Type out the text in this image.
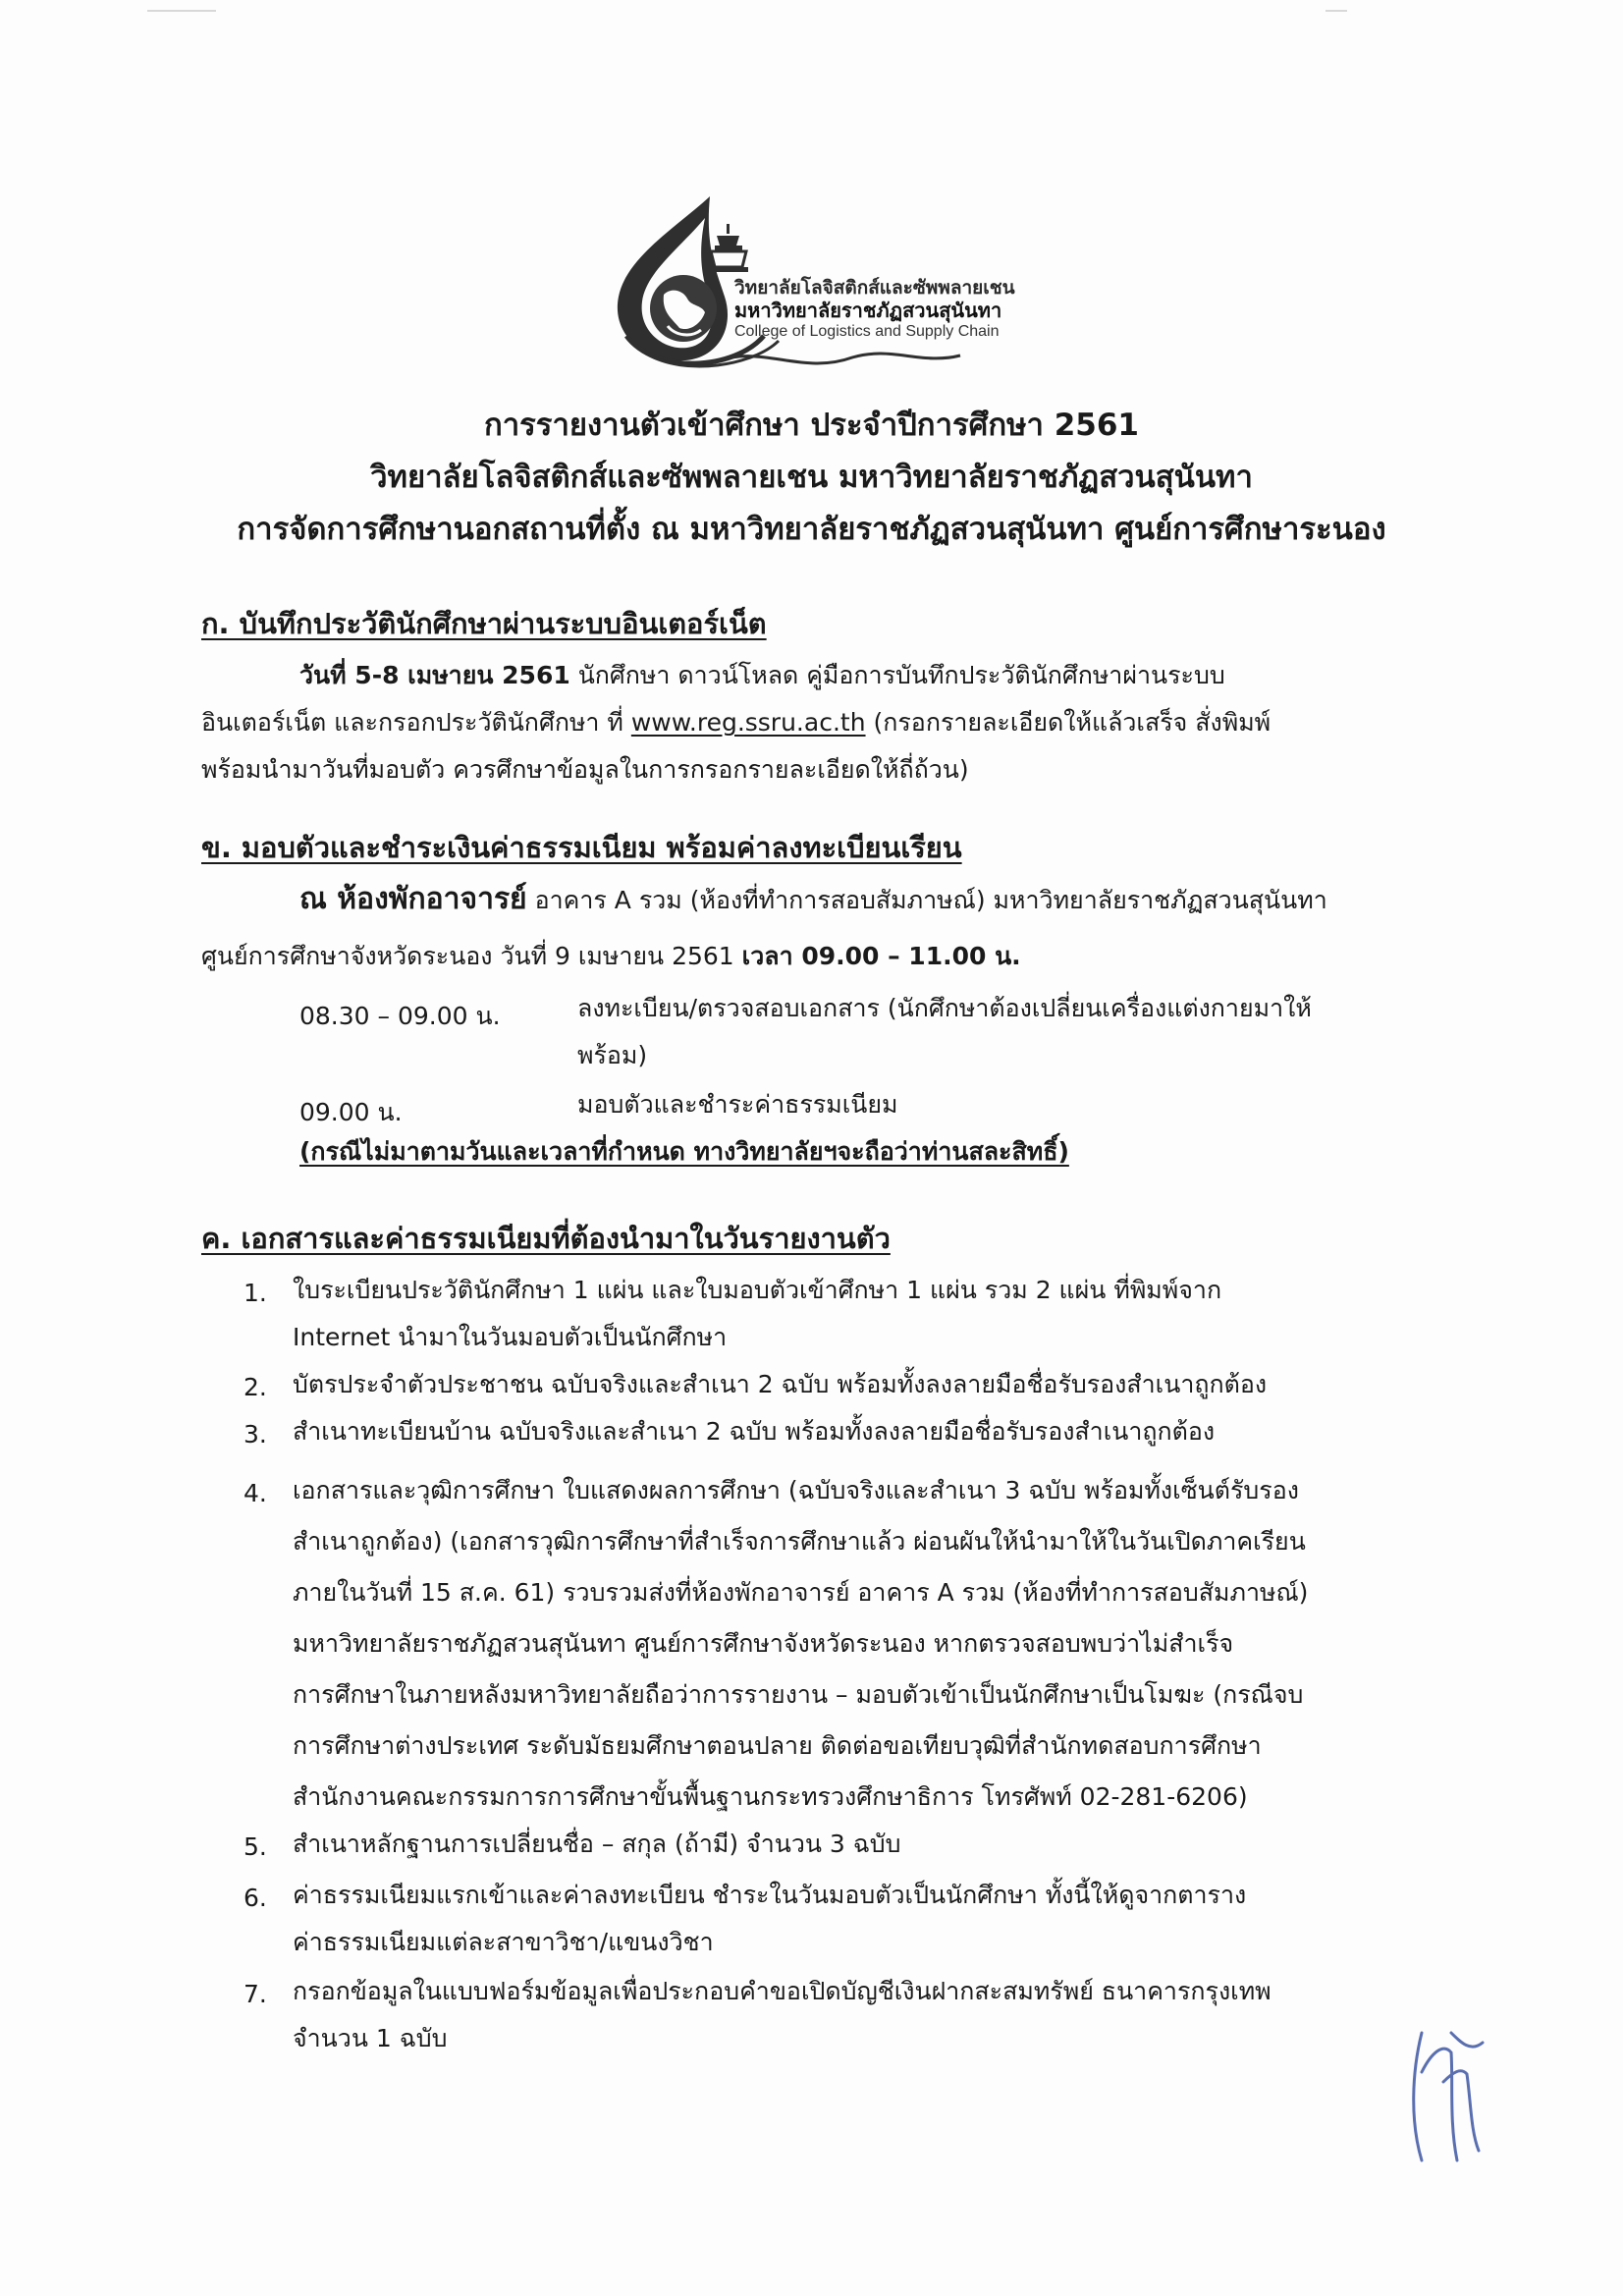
วิทยาลัยโลจิสติกส์และซัพพลายเชน
มหาวิทยาลัยราชภัฏสวนสุนันทา
College of Logistics and Supply Chain
การรายงานตัวเข้าศึกษา ประจำปีการศึกษา 2561
วิทยาลัยโลจิสติกส์และซัพพลายเชน มหาวิทยาลัยราชภัฏสวนสุนันทา
การจัดการศึกษานอกสถานที่ตั้ง ณ มหาวิทยาลัยราชภัฏสวนสุนันทา ศูนย์การศึกษาระนอง
ก. บันทึกประวัตินักศึกษาผ่านระบบอินเตอร์เน็ต
วันที่ 5-8 เมษายน 2561 นักศึกษา ดาวน์โหลด คู่มือการบันทึกประวัตินักศึกษาผ่านระบบ
อินเตอร์เน็ต และกรอกประวัตินักศึกษา ที่ www.reg.ssru.ac.th (กรอกรายละเอียดให้แล้วเสร็จ สั่งพิมพ์
พร้อมนำมาวันที่มอบตัว ควรศึกษาข้อมูลในการกรอกรายละเอียดให้ถี่ถ้วน)
ข. มอบตัวและชำระเงินค่าธรรมเนียม พร้อมค่าลงทะเบียนเรียน
ณ ห้องพักอาจารย์ อาคาร A รวม (ห้องที่ทำการสอบสัมภาษณ์) มหาวิทยาลัยราชภัฏสวนสุนันทา
ศูนย์การศึกษาจังหวัดระนอง วันที่ 9 เมษายน 2561 เวลา 09.00 – 11.00 น.
08.30 – 09.00 น.	ลงทะเบียน/ตรวจสอบเอกสาร (นักศึกษาต้องเปลี่ยนเครื่องแต่งกายมาให้
พร้อม)
09.00 น.	มอบตัวและชำระค่าธรรมเนียม
(กรณีไม่มาตามวันและเวลาที่กำหนด ทางวิทยาลัยฯจะถือว่าท่านสละสิทธิ์)
ค. เอกสารและค่าธรรมเนียมที่ต้องนำมาในวันรายงานตัว
1. ใบระเบียนประวัตินักศึกษา 1 แผ่น และใบมอบตัวเข้าศึกษา 1 แผ่น รวม 2 แผ่น ที่พิมพ์จาก
Internet นำมาในวันมอบตัวเป็นนักศึกษา
2. บัตรประจำตัวประชาชน ฉบับจริงและสำเนา 2 ฉบับ พร้อมทั้งลงลายมือชื่อรับรองสำเนาถูกต้อง
3. สำเนาทะเบียนบ้าน ฉบับจริงและสำเนา 2 ฉบับ พร้อมทั้งลงลายมือชื่อรับรองสำเนาถูกต้อง
4. เอกสารและวุฒิการศึกษา ใบแสดงผลการศึกษา (ฉบับจริงและสำเนา 3 ฉบับ พร้อมทั้งเซ็นต์รับรอง
สำเนาถูกต้อง) (เอกสารวุฒิการศึกษาที่สำเร็จการศึกษาแล้ว ผ่อนผันให้นำมาให้ในวันเปิดภาคเรียน
ภายในวันที่ 15 ส.ค. 61) รวบรวมส่งที่ห้องพักอาจารย์ อาคาร A รวม (ห้องที่ทำการสอบสัมภาษณ์)
มหาวิทยาลัยราชภัฏสวนสุนันทา ศูนย์การศึกษาจังหวัดระนอง หากตรวจสอบพบว่าไม่สำเร็จ
การศึกษาในภายหลังมหาวิทยาลัยถือว่าการรายงาน – มอบตัวเข้าเป็นนักศึกษาเป็นโมฆะ (กรณีจบ
การศึกษาต่างประเทศ ระดับมัธยมศึกษาตอนปลาย ติดต่อขอเทียบวุฒิที่สำนักทดสอบการศึกษา
สำนักงานคณะกรรมการการศึกษาขั้นพื้นฐานกระทรวงศึกษาธิการ โทรศัพท์ 02-281-6206)
5. สำเนาหลักฐานการเปลี่ยนชื่อ – สกุล (ถ้ามี) จำนวน 3 ฉบับ
6. ค่าธรรมเนียมแรกเข้าและค่าลงทะเบียน ชำระในวันมอบตัวเป็นนักศึกษา ทั้งนี้ให้ดูจากตาราง
ค่าธรรมเนียมแต่ละสาขาวิชา/แขนงวิชา
7. กรอกข้อมูลในแบบฟอร์มข้อมูลเพื่อประกอบคำขอเปิดบัญชีเงินฝากสะสมทรัพย์ ธนาคารกรุงเทพ
จำนวน 1 ฉบับ
